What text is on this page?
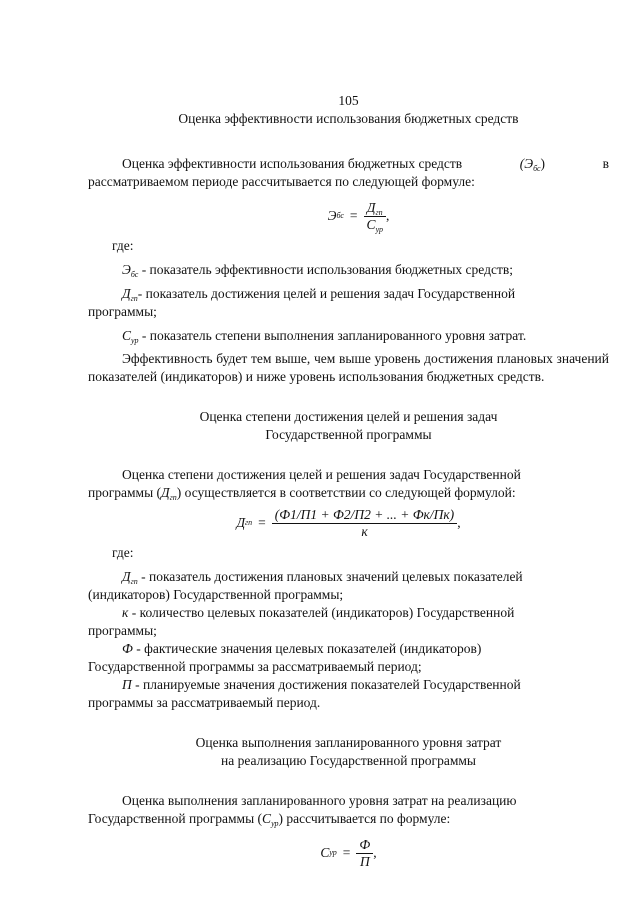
105
Оценка эффективности использования бюджетных средств
Оценка эффективности использования бюджетных средств	$(Э_{бс})$	в
рассматриваемом периоде рассчитывается по следующей формуле:
Э бс = $\frac{Д_{гп}}{С_{ур}}$ ,
где:
$Э_{бс}$ - показатель эффективности использования бюджетных средств;
$Д_{гп}-$ показатель достижения целей и решения задач Государственной
программы;
$С_{ур}$ - показатель степени выполнения запланированного уровня затрат.
Эффективность будет тем выше, чем выше уровень достижения плановых значений показателей (индикаторов) и ниже уровень использования бюджетных средств.
Оценка степени достижения целей и решения задач
Государственной программы
Оценка степени достижения целей и решения задач Государственной
программы $(Д_{гп})$ осуществляется в соответствии со следующей формулой:
Д гп = $\frac{(Ф1/П1 + Ф2/П2 + ... + Фк/Пк)}{к}$ ,
где:
$Д_{гп}$ - показатель достижения плановых значений целевых показателей
(индикаторов) Государственной программы;
к - количество целевых показателей (индикаторов) Государственной
программы;
Ф - фактические значения целевых показателей (индикаторов)
Государственной программы за рассматриваемый период;
П - планируемые значения достижения показателей Государственной
программы за рассматриваемый период.
Оценка выполнения запланированного уровня затрат
на реализацию Государственной программы
Оценка выполнения запланированного уровня затрат на реализацию
Государственной программы $(С_{ур})$ рассчитывается по формуле:
С ур = $\frac{Ф}{П}$ ,
